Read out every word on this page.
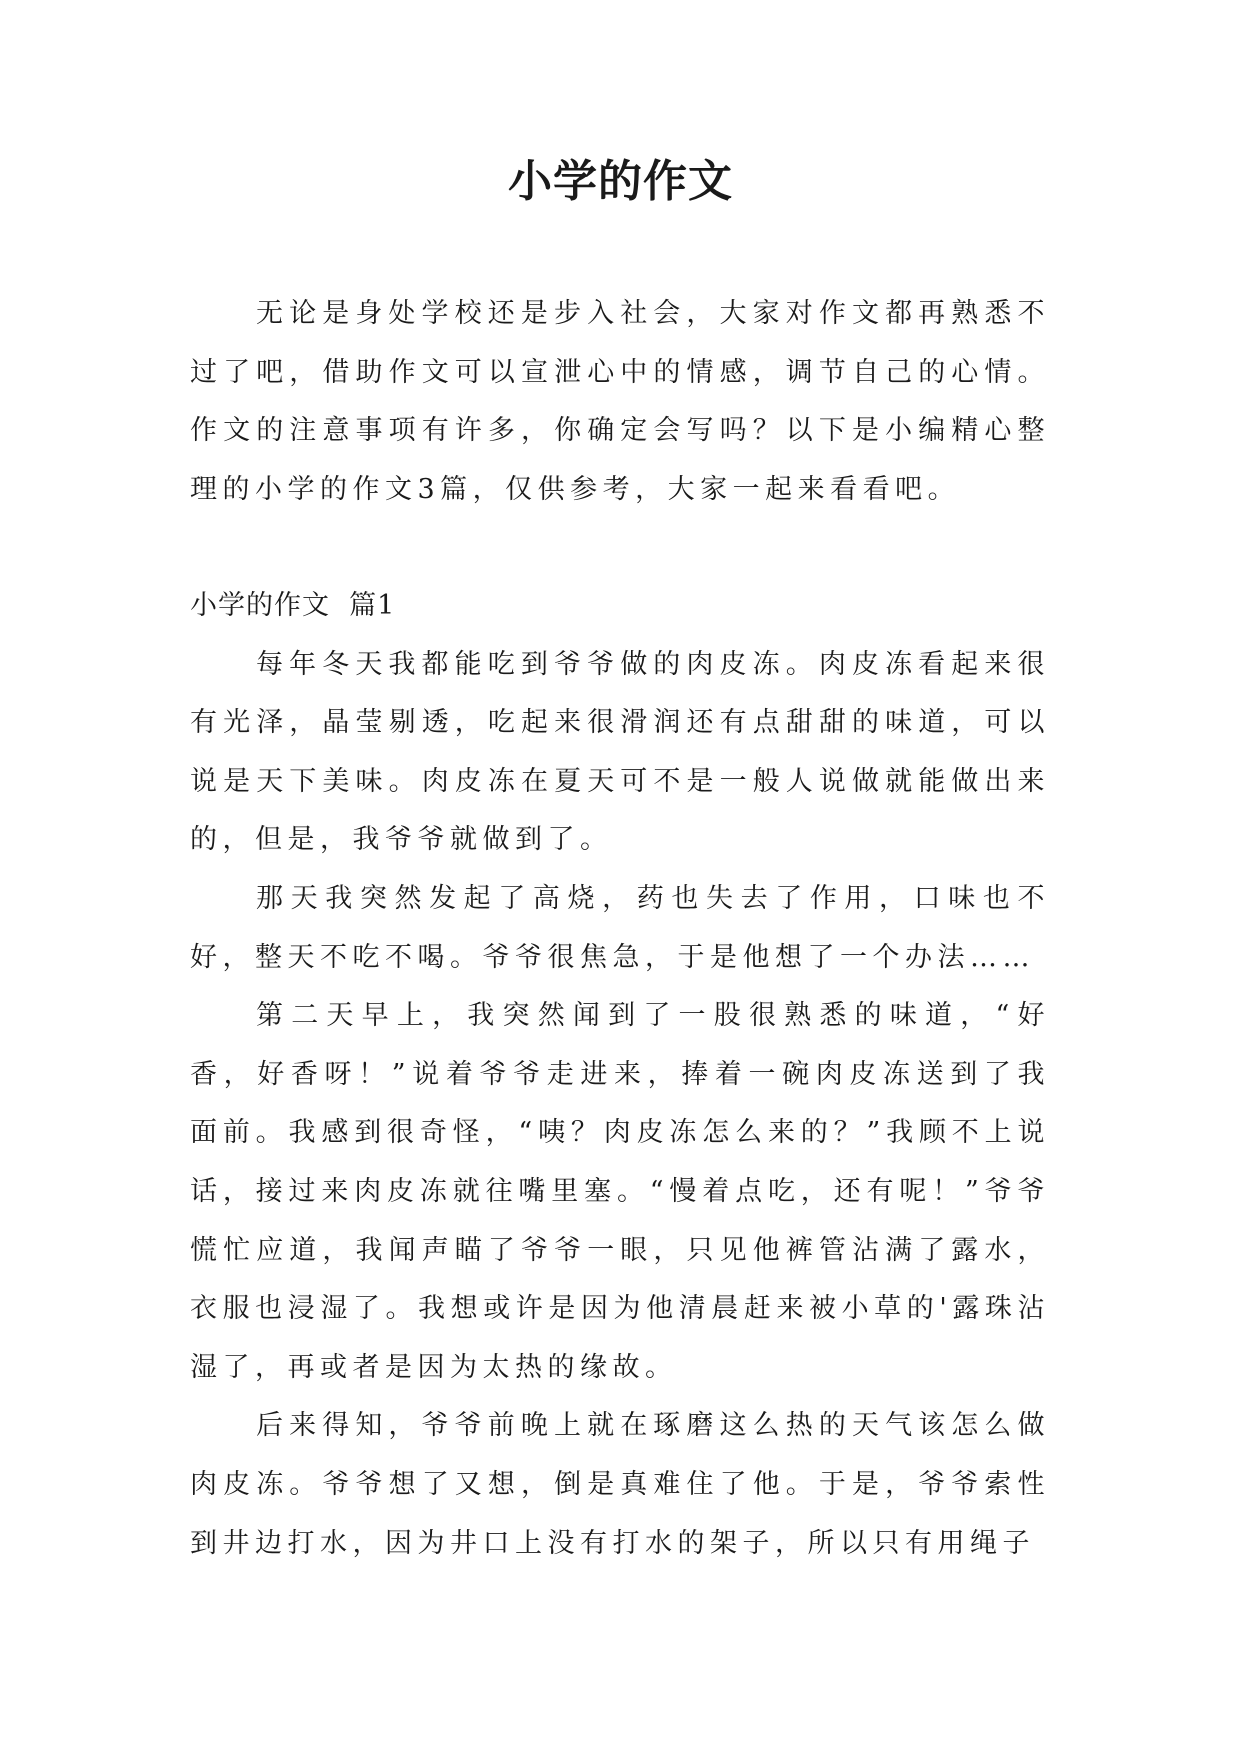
小学的作文

无论是身处学校还是步入社会，大家对作文都再熟悉不过了吧，借助作文可以宣泄心中的情感，调节自己的心情。作文的注意事项有许多，你确定会写吗？以下是小编精心整理的小学的作文3篇，仅供参考，大家一起来看看吧。

小学的作文  篇1

每年冬天我都能吃到爷爷做的肉皮冻。肉皮冻看起来很有光泽，晶莹剔透，吃起来很滑润还有点甜甜的味道，可以说是天下美味。肉皮冻在夏天可不是一般人说做就能做出来的，但是，我爷爷就做到了。

那天我突然发起了高烧，药也失去了作用，口味也不好，整天不吃不喝。爷爷很焦急，于是他想了一个办法……

第二天早上，我突然闻到了一股很熟悉的味道，“好香，好香呀！”说着爷爷走进来，捧着一碗肉皮冻送到了我面前。我感到很奇怪，“咦？肉皮冻怎么来的？”我顾不上说话，接过来肉皮冻就往嘴里塞。“慢着点吃，还有呢！”爷爷慌忙应道，我闻声瞄了爷爷一眼，只见他裤管沾满了露水，衣服也浸湿了。我想或许是因为他清晨赶来被小草的'露珠沾湿了，再或者是因为太热的缘故。

后来得知，爷爷前晚上就在琢磨这么热的天气该怎么做肉皮冻。爷爷想了又想，倒是真难住了他。于是，爷爷索性到井边打水，因为井口上没有打水的架子，所以只有用绳子
